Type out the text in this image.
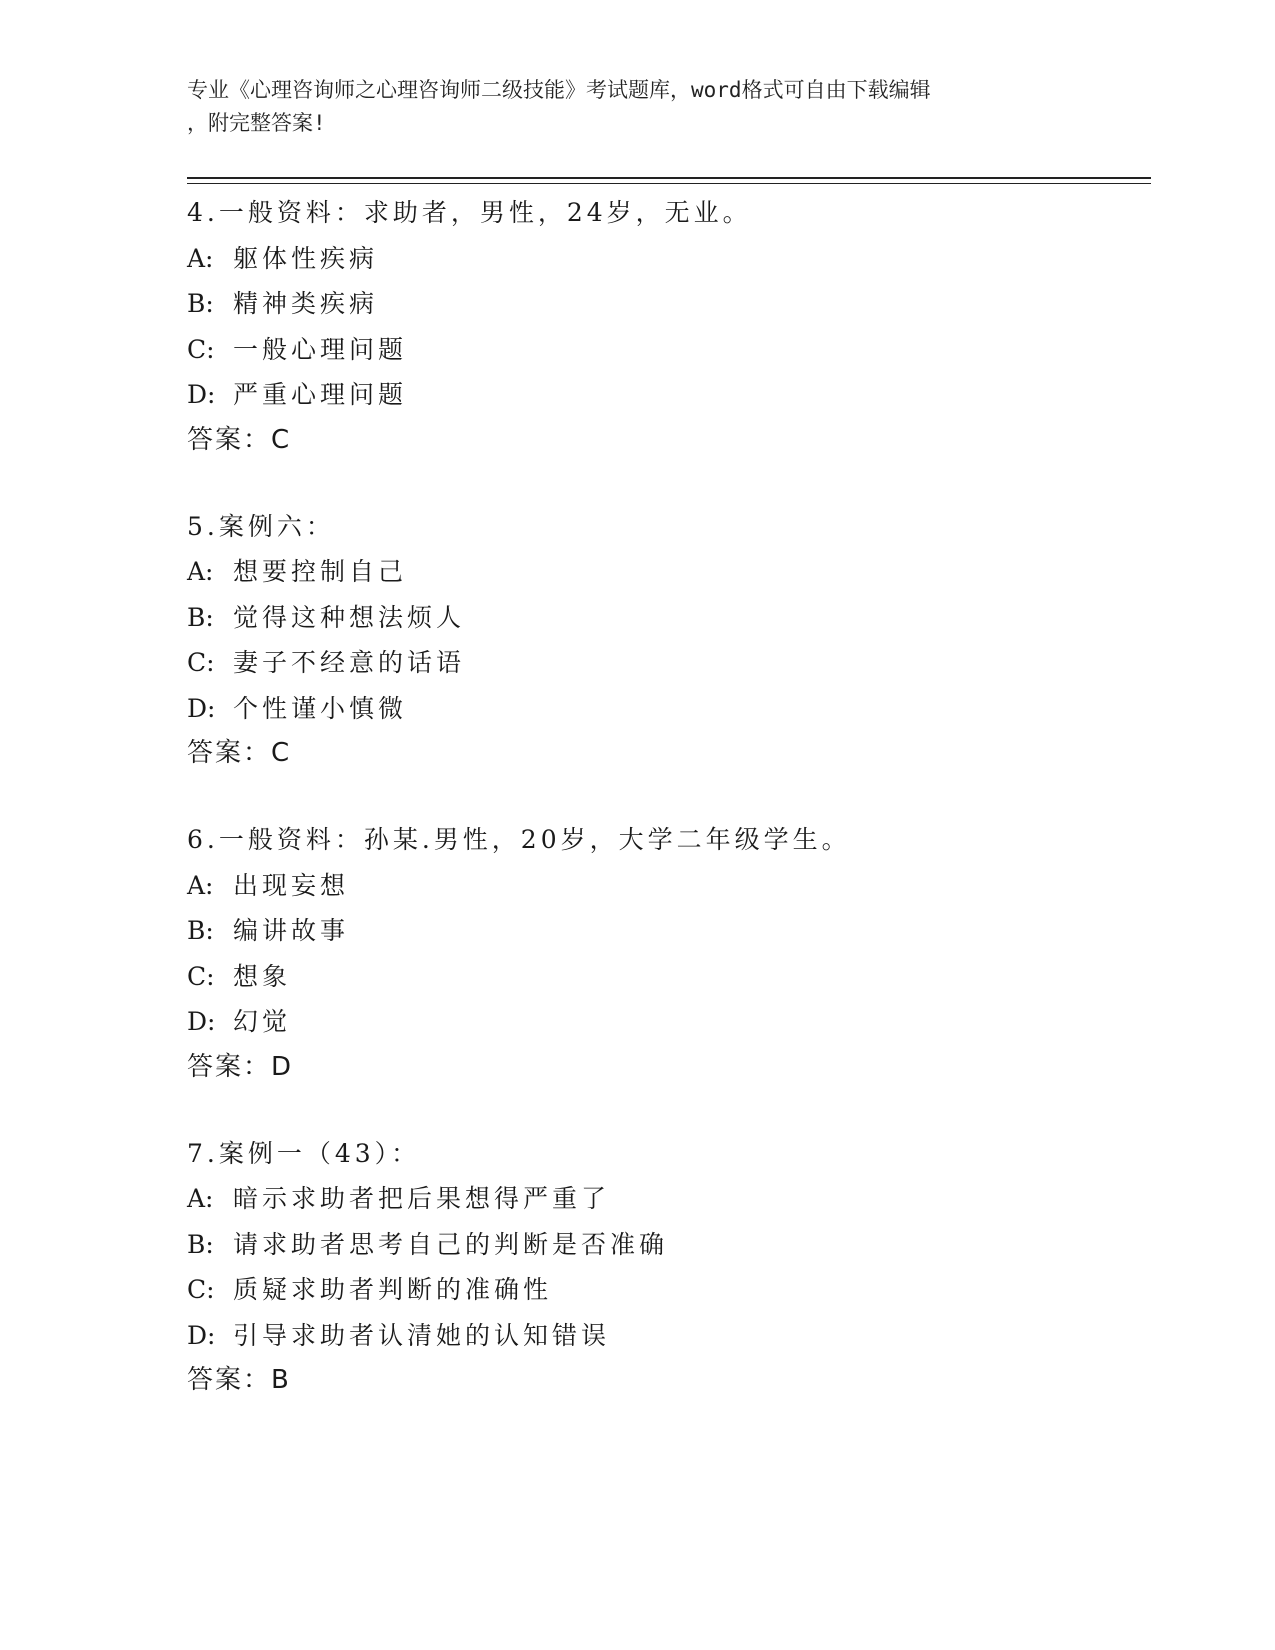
专业《心理咨询师之心理咨询师二级技能》考试题库，word格式可自由下载编辑
，附完整答案!
4.一般资料：求助者，男性，24岁，无业。
A: 躯体性疾病
B: 精神类疾病
C: 一般心理问题
D: 严重心理问题
答案：C
5.案例六：
A: 想要控制自己
B: 觉得这种想法烦人
C: 妻子不经意的话语
D: 个性谨小慎微
答案：C
6.一般资料：孙某.男性，20岁，大学二年级学生。
A: 出现妄想
B: 编讲故事
C: 想象
D: 幻觉
答案：D
7.案例一（43）：
A: 暗示求助者把后果想得严重了
B: 请求助者思考自己的判断是否准确
C: 质疑求助者判断的准确性
D: 引导求助者认清她的认知错误
答案：B
